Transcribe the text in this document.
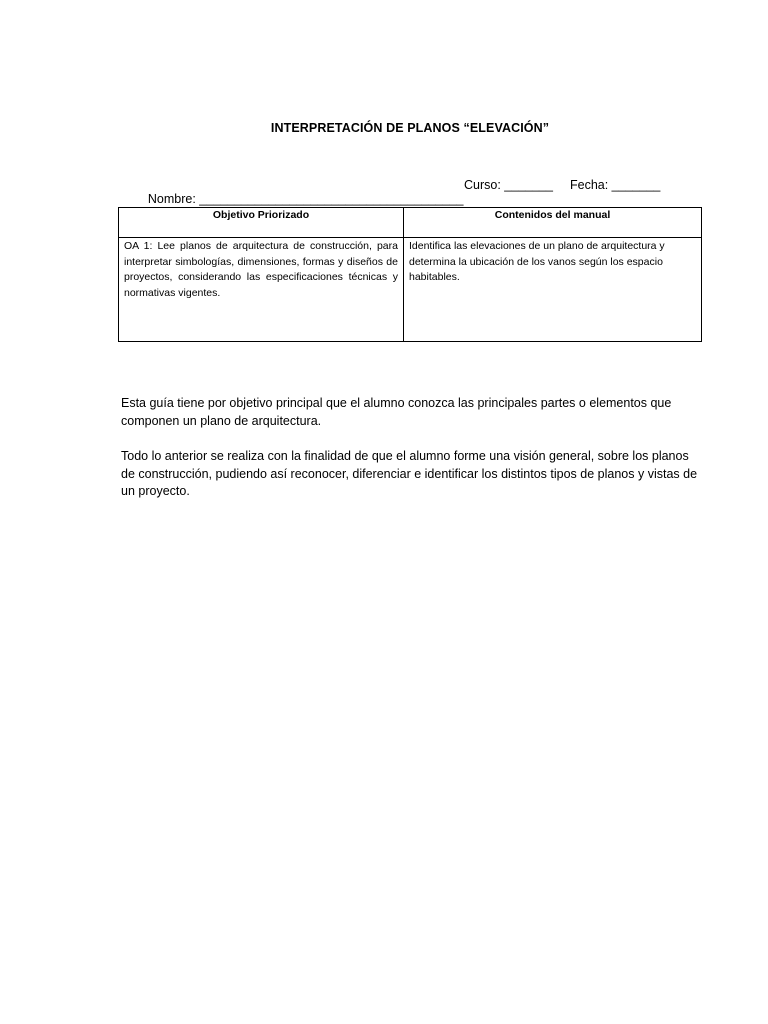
INTERPRETACIÓN DE PLANOS “ELEVACIÓN”

Nombre: ______________________________________

Curso: _______

Fecha: _______

Objetivo Priorizado	Contenidos del manual
OA 1: Lee planos de arquitectura de construcción, para interpretar simbologías, dimensiones, formas y diseños de proyectos, considerando las especificaciones técnicas y normativas vigentes.	Identifica las elevaciones de un plano de arquitectura y determina la ubicación de los vanos según los espacio habitables.

Esta guía tiene por objetivo principal que el alumno conozca las principales partes o elementos que componen un plano de arquitectura.

Todo lo anterior se realiza con la finalidad de que el alumno forme una visión general, sobre los planos de construcción, pudiendo así reconocer, diferenciar e identificar los distintos tipos de planos y vistas de un proyecto.
